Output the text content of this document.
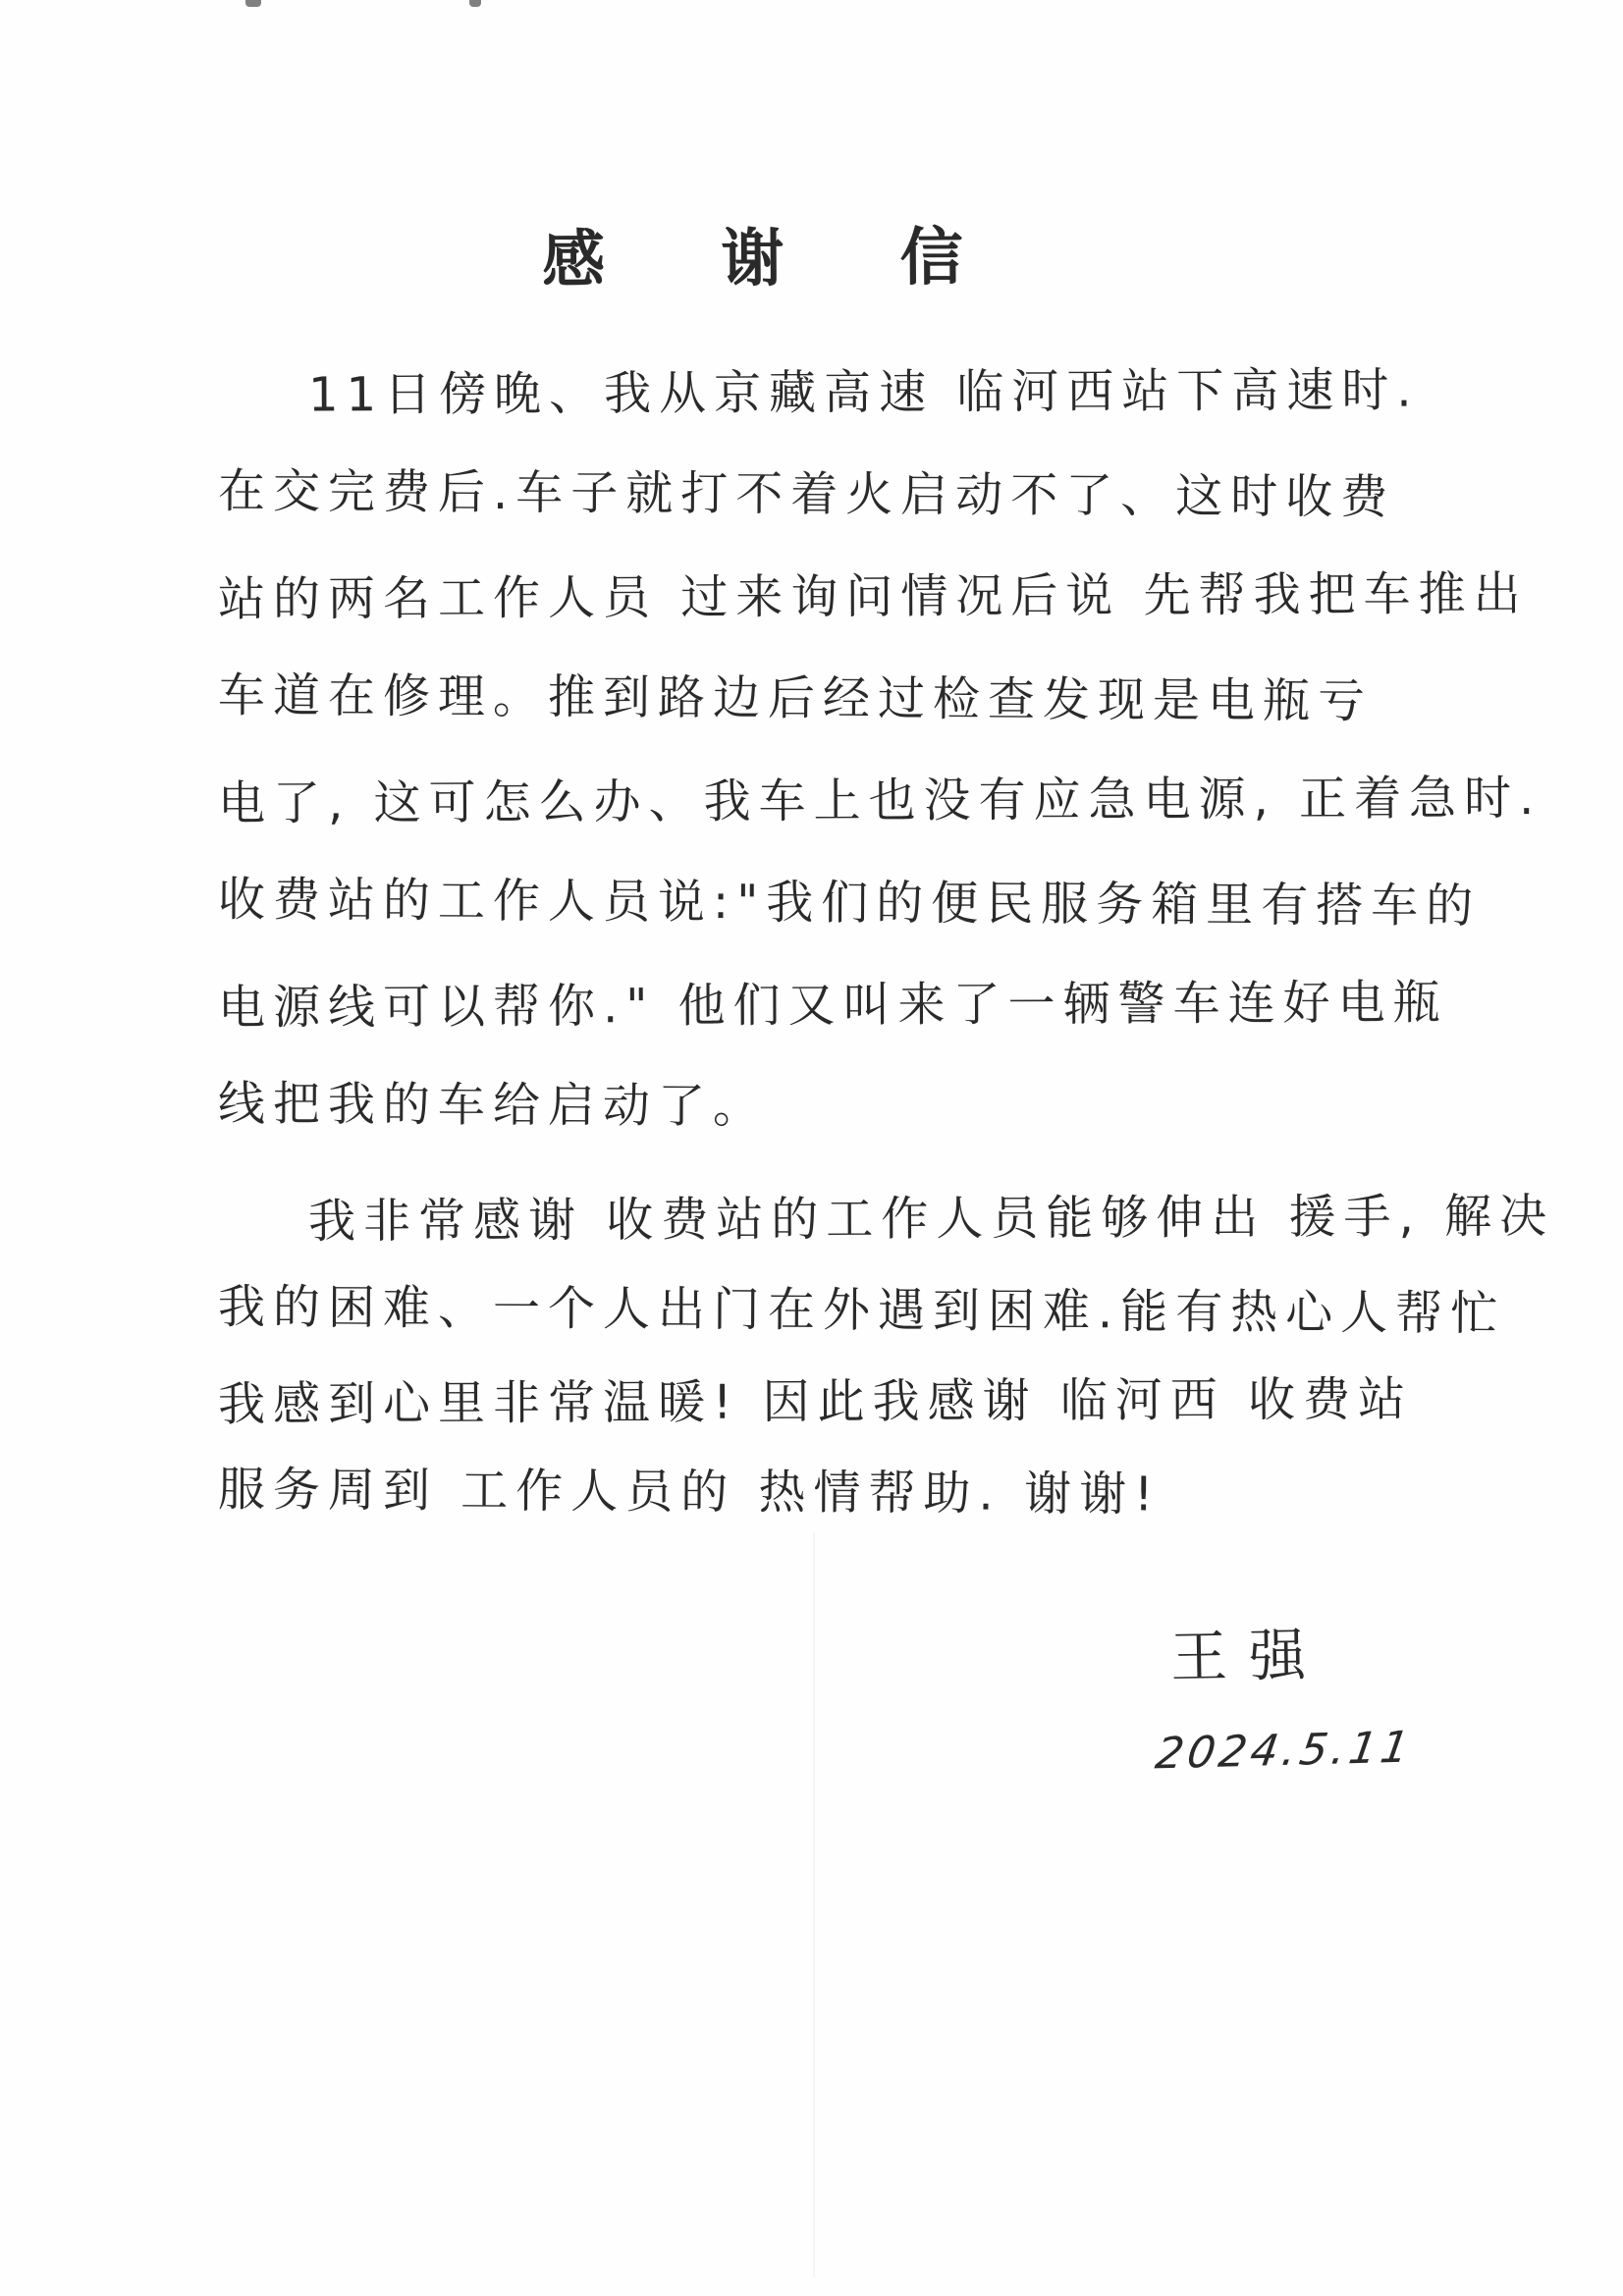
感 谢 信
11日傍晚、我从京藏高速 临河西站下高速时.
在交完费后.车子就打不着火启动不了、这时收费
站的两名工作人员 过来询问情况后说 先帮我把车推出
车道在修理。推到路边后经过检查发现是电瓶亏
电了, 这可怎么办、我车上也没有应急电源, 正着急时.
收费站的工作人员说:"我们的便民服务箱里有搭车的
电源线可以帮你." 他们又叫来了一辆警车连好电瓶
线把我的车给启动了。
我非常感谢 收费站的工作人员能够伸出 援手, 解决
我的困难、一个人出门在外遇到困难.能有热心人帮忙
我感到心里非常温暖! 因此我感谢 临河西 收费站
服务周到 工作人员的 热情帮助. 谢谢!
王强
2024.5.11
